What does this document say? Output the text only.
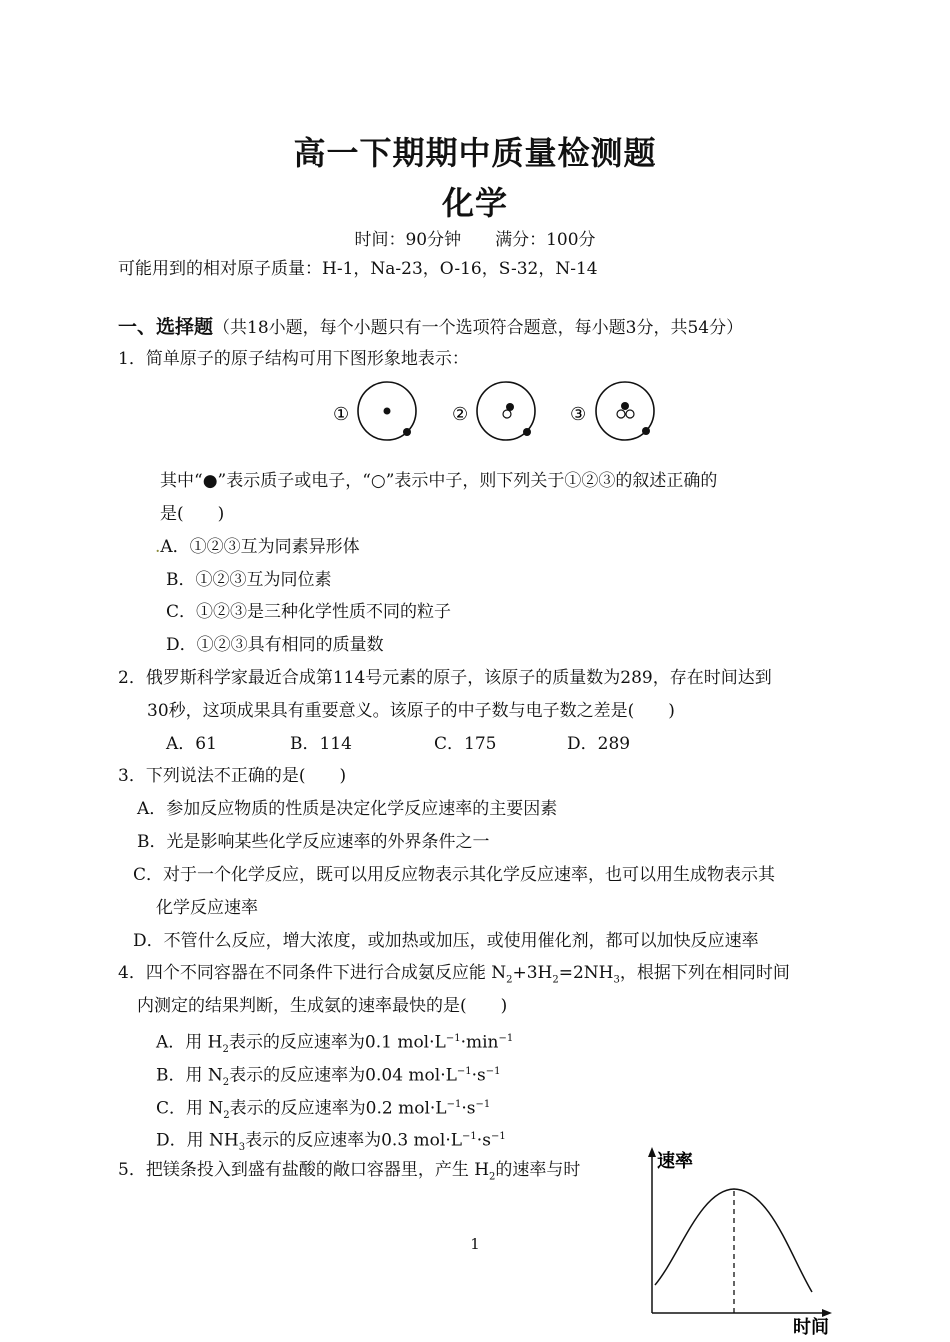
高一下期期中质量检测题
化学
时间：90分钟　　满分：100分
可能用到的相对原子质量：H-1，Na-23，O-16，S-32，N-14
一、选择题（共18小题，每个小题只有一个选项符合题意，每小题3分，共54分）
1．简单原子的原子结构可用下图形象地表示：
①	②	③
其中“●”表示质子或电子，“○”表示中子，则下列关于①②③的叙述正确的
是(　　)
.A．①②③互为同素异形体
B．①②③互为同位素
C．①②③是三种化学性质不同的粒子
D．①②③具有相同的质量数
2．俄罗斯科学家最近合成第114号元素的原子，该原子的质量数为289，存在时间达到
30秒，这项成果具有重要意义。该原子的中子数与电子数之差是(　　)
A．61	B．114	C．175	D．289
3．下列说法不正确的是(　　)
A．参加反应物质的性质是决定化学反应速率的主要因素
B．光是影响某些化学反应速率的外界条件之一
C．对于一个化学反应，既可以用反应物表示其化学反应速率，也可以用生成物表示其
化学反应速率
D．不管什么反应，增大浓度，或加热或加压，或使用催化剂，都可以加快反应速率
4．四个不同容器在不同条件下进行合成氨反应能 $N_2+3H_2=2NH_3$，根据下列在相同时间
内测定的结果判断，生成氨的速率最快的是(　　)
A．用 $H_2$表示的反应速率为0.1 $mol\cdot L^{-1}\cdot\min^{-1}$
B．用 $N_2$表示的反应速率为0.04 $mol\cdot L^{-1}\cdot s^{-1}$
C．用 $N_2$表示的反应速率为0.2 $mol\cdot L^{-1}\cdot s^{-1}$
D．用 $NH_3$表示的反应速率为0.3 $mol\cdot L^{-1}\cdot s^{-1}$
5．把镁条投入到盛有盐酸的敞口容器里，产生 $H_2$的速率与时	速率
时间
1
